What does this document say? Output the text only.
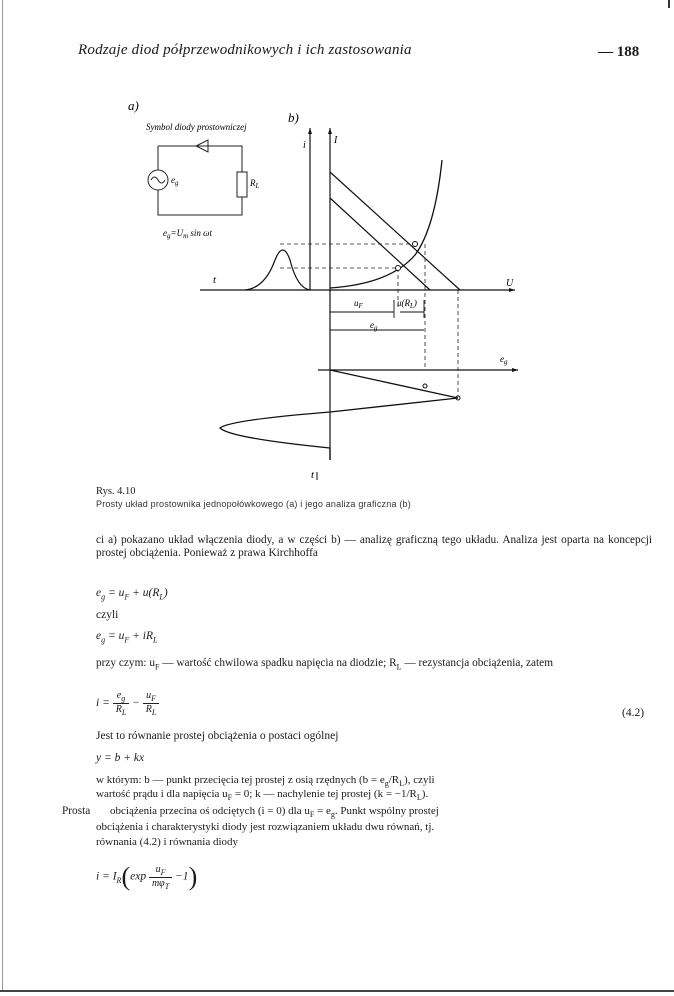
Rodzaje diod półprzewodnikowych i ich zastosowania	— 188
a)
Symbol diody prostowniczej
$e_g$	$R_L$
$e_g=U_m$ sin ωt
b)
i	I
t	U
$e_g$
t
$u_F$	$u(R_L)$
$e_g$
Rys. 4.10
Prosty układ prostownika jednopołówkowego (a) i jego analiza graficzna (b)
ci a) pokazano układ włączenia diody, a w części b) — analizę graficzną tego układu. Analiza jest oparta na koncepcji prostej obciążenia. Ponieważ z prawa Kirchhoffa
$e_g = u_F + u(R_L)$
czyli
$e_g = u_F + iR_L$
przy czym: $u_F$ — wartość chwilowa spadku napięcia na diodzie; $R_L$ — rezystancja obciążenia, zatem
$i = \frac{e_g}{R_L} - \frac{u_F}{R_L}$	(4.2)
Jest to równanie prostej obciążenia o postaci ogólnej
y = b + kx
w którym: b — punkt przecięcia tej prostej z osią rzędnych $(b = e_g/R_L)$, czyli
wartość prądu i dla napięcia $u_F = 0$; k — nachylenie tej prostej $(k = -1/R_L)$.
Prosta obciążenia przecina oś odciętych (i = 0) dla $u_F = e_g$. Punkt wspólny prostej
obciążenia i charakterystyki diody jest rozwiązaniem układu dwu równań, tj.
równania (4.2) i równania diody
$i = I_R(\exp \frac{u_F}{m\varphi_T} -1)$
